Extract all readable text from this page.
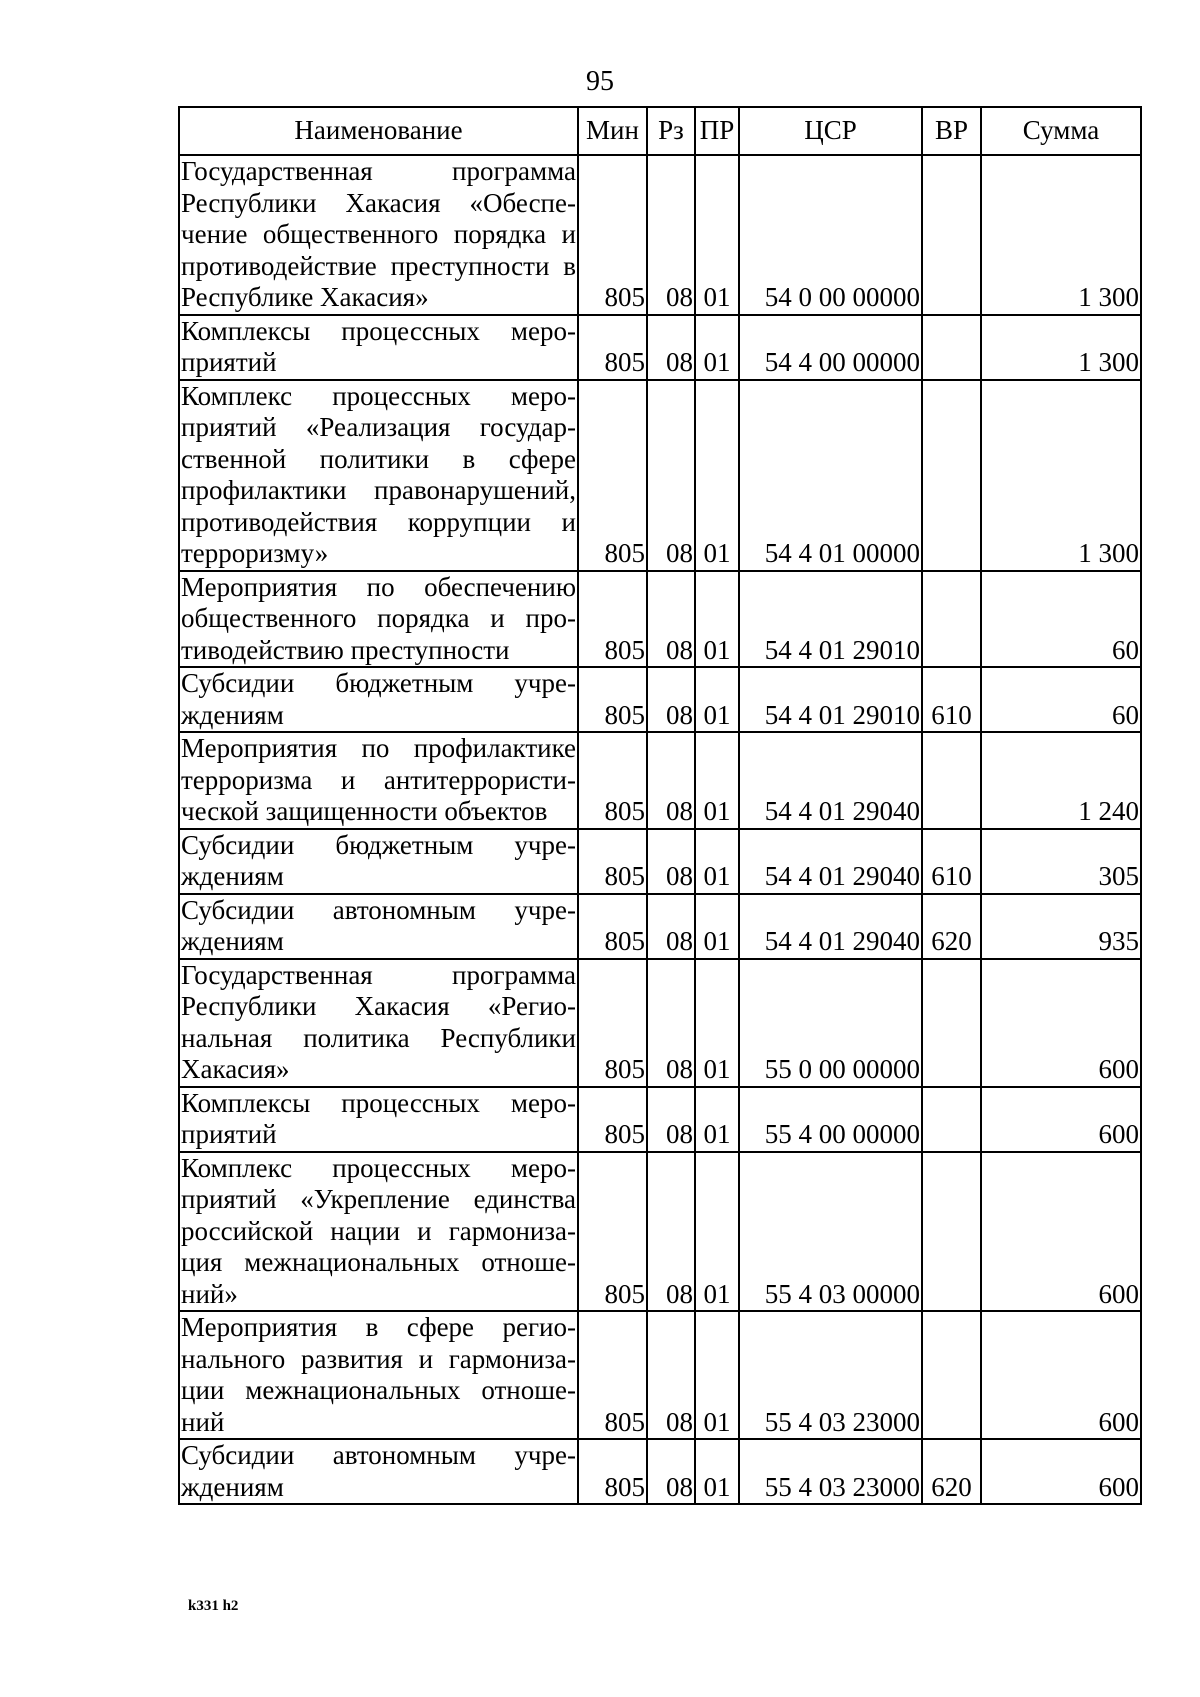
95
Наименование	Мин	Рз	ПР	ЦСР	ВР	Сумма
Государственная программа Республики Хакасия «Обеспечение общественного порядка и противодействие преступности в Республике Хакасия»	805	08	01	54 0 00 00000		1 300
Комплексы процессных мероприятий	805	08	01	54 4 00 00000		1 300
Комплекс процессных мероприятий «Реализация государственной политики в сфере профилактики правонарушений, противодействия коррупции и терроризму»	805	08	01	54 4 01 00000		1 300
Мероприятия по обеспечению общественного порядка и противодействию преступности	805	08	01	54 4 01 29010		60
Субсидии бюджетным учреждениям	805	08	01	54 4 01 29010	610	60
Мероприятия по профилактике терроризма и антитеррористической защищенности объектов	805	08	01	54 4 01 29040		1 240
Субсидии бюджетным учреждениям	805	08	01	54 4 01 29040	610	305
Субсидии автономным учреждениям	805	08	01	54 4 01 29040	620	935
Государственная программа Республики Хакасия «Региональная политика Республики Хакасия»	805	08	01	55 0 00 00000		600
Комплексы процессных мероприятий	805	08	01	55 4 00 00000		600
Комплекс процессных мероприятий «Укрепление единства российской нации и гармонизация межнациональных отношений»	805	08	01	55 4 03 00000		600
Мероприятия в сфере регионального развития и гармонизации межнациональных отношений	805	08	01	55 4 03 23000		600
Субсидии автономным учреждениям	805	08	01	55 4 03 23000	620	600
k331 h2
